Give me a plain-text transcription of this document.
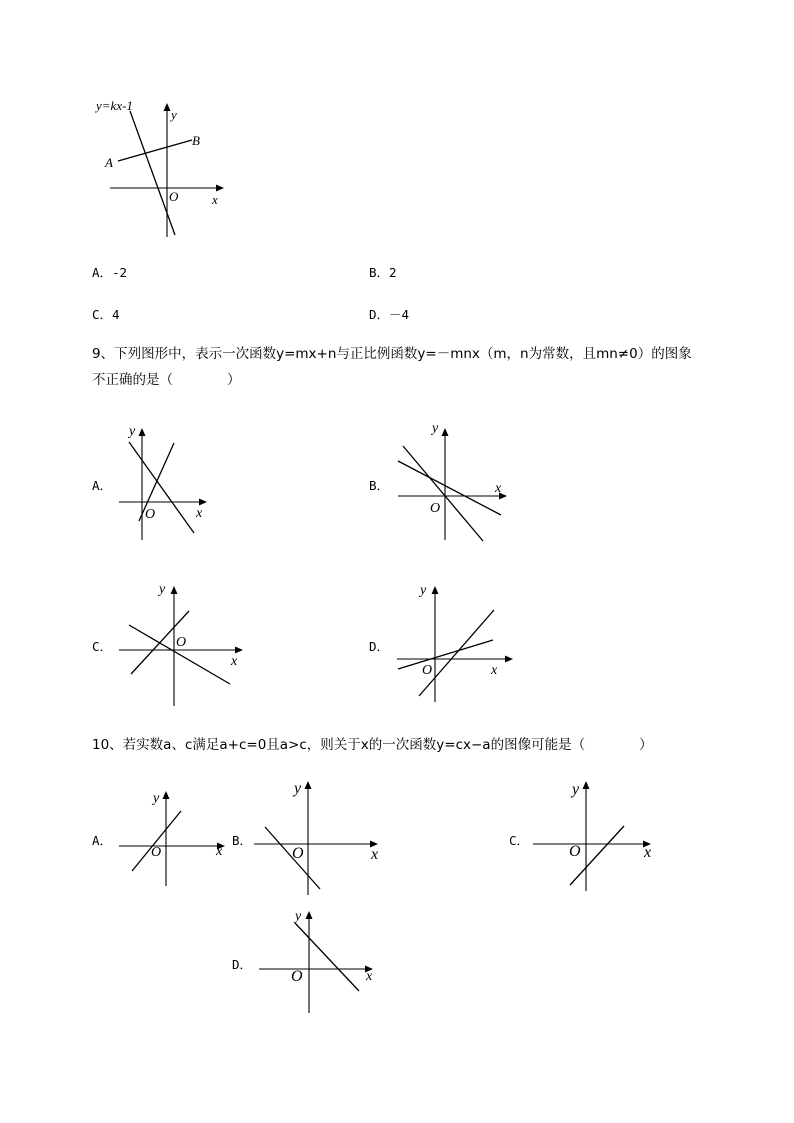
y=kx-1
y
x
O
A
B
A．-2	B．2
C．4	D．－4
9、下列图形中，表示一次函数y=mx+n与正比例函数y=－mnx（m，n为常数，且mn≠0）的图象
不正确的是（　　　　）
A．
y
x
O
B．
y
x
O
C．
y
x
O	D．
y
x
O
10、若实数a、c满足a+c=0且a>c，则关于x的一次函数y=cx−a的图像可能是（　　　　）
A．
y
x
O
B．
y
x
O
C．
y
x
O
D．
y
x
O
